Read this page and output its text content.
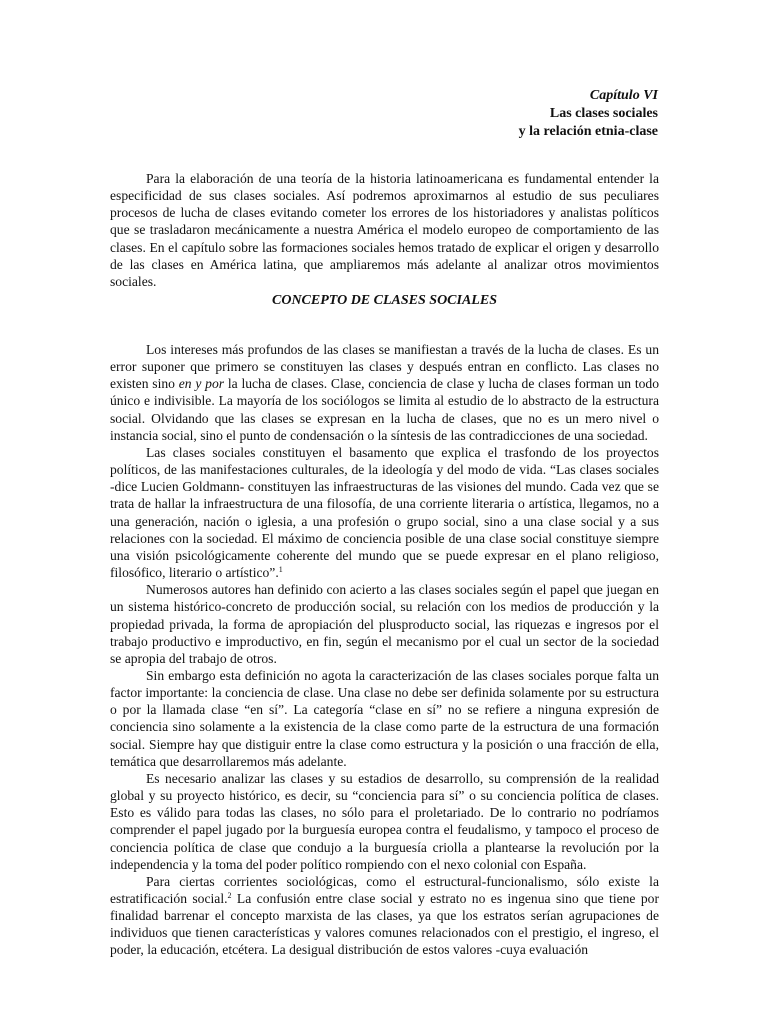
Capítulo VI
Las clases sociales
y la relación etnia-clase

Para la elaboración de una teoría de la historia latinoamericana es fundamental entender la especificidad de sus clases sociales. Así podremos aproximarnos al estudio de sus peculiares procesos de lucha de clases evitando cometer los errores de los historiadores y analistas políticos que se trasladaron mecánicamente a nuestra América el modelo europeo de comportamiento de las clases. En el capítulo sobre las formaciones sociales hemos tratado de explicar el origen y desarrollo de las clases en América latina, que ampliaremos más adelante al analizar otros movimientos sociales.

CONCEPTO DE CLASES SOCIALES

Los intereses más profundos de las clases se manifiestan a través de la lucha de clases. Es un error suponer que primero se constituyen las clases y después entran en conflicto. Las clases no existen sino en y por la lucha de clases. Clase, conciencia de clase y lucha de clases forman un todo único e indivisible. La mayoría de los sociólogos se limita al estudio de lo abstracto de la estructura social. Olvidando que las clases se expresan en la lucha de clases, que no es un mero nivel o instancia social, sino el punto de condensación o la síntesis de las contradicciones de una sociedad.

Las clases sociales constituyen el basamento que explica el trasfondo de los proyectos políticos, de las manifestaciones culturales, de la ideología y del modo de vida. “Las clases sociales -dice Lucien Goldmann- constituyen las infraestructuras de las visiones del mundo. Cada vez que se trata de hallar la infraestructura de una filosofía, de una corriente literaria o artística, llegamos, no a una generación, nación o iglesia, a una profesión o grupo social, sino a una clase social y a sus relaciones con la sociedad. El máximo de conciencia posible de una clase social constituye siempre una visión psicológicamente coherente del mundo que se puede expresar en el plano religioso, filosófico, literario o artístico”.$^1$

Numerosos autores han definido con acierto a las clases sociales según el papel que juegan en un sistema histórico-concreto de producción social, su relación con los medios de producción y la propiedad privada, la forma de apropiación del plusproducto social, las riquezas e ingresos por el trabajo productivo e improductivo, en fin, según el mecanismo por el cual un sector de la sociedad se apropia del trabajo de otros.

Sin embargo esta definición no agota la caracterización de las clases sociales porque falta un factor importante: la conciencia de clase. Una clase no debe ser definida solamente por su estructura o por la llamada clase “en sí”. La categoría “clase en sí” no se refiere a ninguna expresión de conciencia sino solamente a la existencia de la clase como parte de la estructura de una formación social. Siempre hay que distiguir entre la clase como estructura y la posición o una fracción de ella, temática que desarrollaremos más adelante.

Es necesario analizar las clases y su estadios de desarrollo, su comprensión de la realidad global y su proyecto histórico, es decir, su “conciencia para sí” o su conciencia política de clases. Esto es válido para todas las clases, no sólo para el proletariado. De lo contrario no podríamos comprender el papel jugado por la burguesía europea contra el feudalismo, y tampoco el proceso de conciencia política de clase que condujo a la burguesía criolla a plantearse la revolución por la independencia y la toma del poder político rompiendo con el nexo colonial con España.

Para ciertas corrientes sociológicas, como el estructural-funcionalismo, sólo existe la estratificación social.$^2$ La confusión entre clase social y estrato no es ingenua sino que tiene por finalidad barrenar el concepto marxista de las clases, ya que los estratos serían agrupaciones de individuos que tienen características y valores comunes relacionados con el prestigio, el ingreso, el poder, la educación, etcétera. La desigual distribución de estos valores -cuya evaluación
